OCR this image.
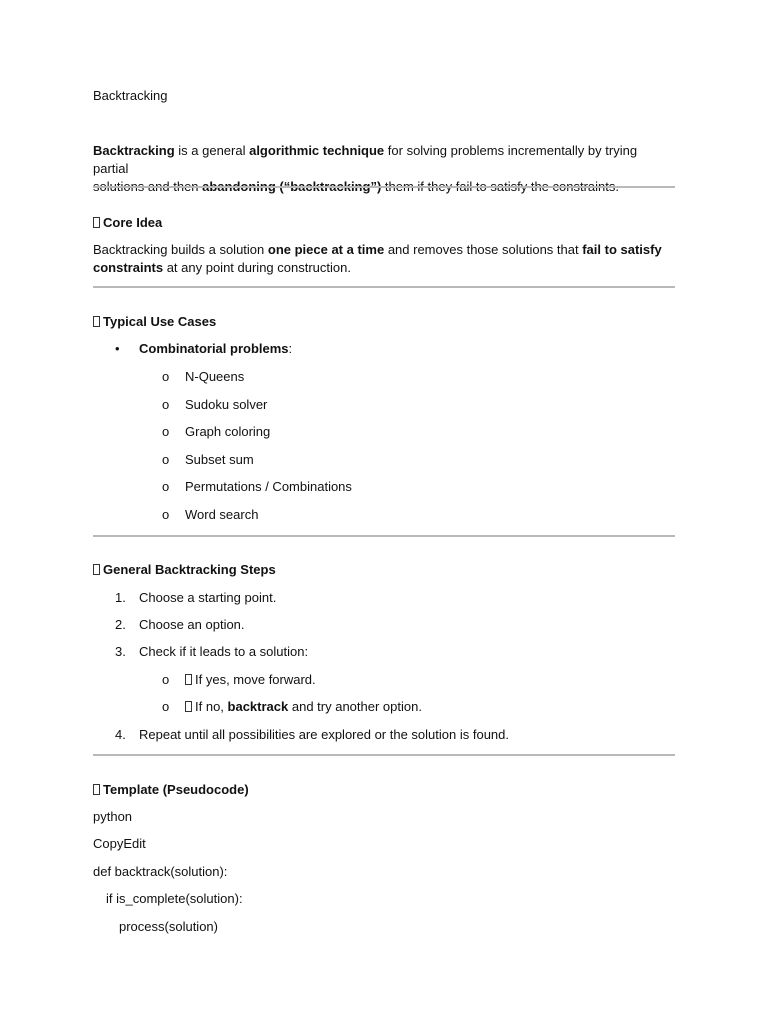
Backtracking
Backtracking is a general algorithmic technique for solving problems incrementally by trying partial
solutions and then abandoning (“backtracking”) them if they fail to satisfy the constraints.
Core Idea
Backtracking builds a solution one piece at a time and removes those solutions that fail to satisfy
constraints at any point during construction.
Typical Use Cases
• Combinatorial problems:
o N-Queens
o Sudoku solver
o Graph coloring
o Subset sum
o Permutations / Combinations
o Word search
General Backtracking Steps
1. Choose a starting point.
2. Choose an option.
3. Check if it leads to a solution:
o	If yes, move forward.
o	If no, backtrack and try another option.
4. Repeat until all possibilities are explored or the solution is found.
Template (Pseudocode)
python
CopyEdit
def backtrack(solution):
if is_complete(solution):
process(solution)
